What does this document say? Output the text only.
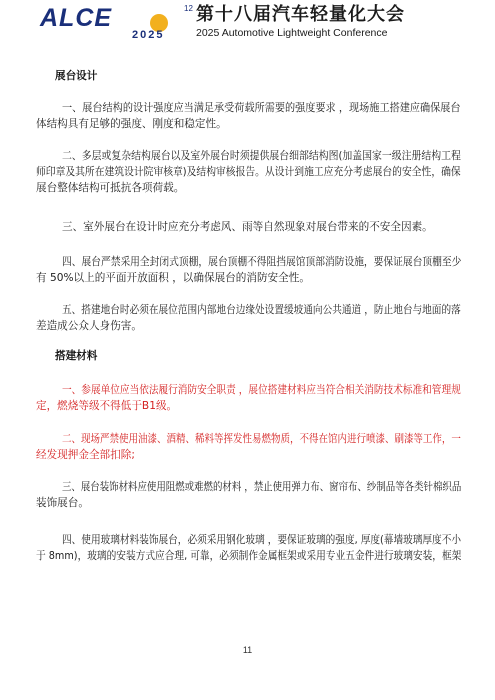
ALCE	12
2025
第十八届汽车轻量化大会
2025 Automotive Lightweight Conference
展台设计
一、展台结构的设计强度应当满足承受荷载所需要的强度要求 ，现场施工搭建应确保展台
体结构具有足够的强度、刚度和稳定性。
二、多层或复杂结构展台以及室外展台时须提供展台细部结构图(加盖国家一级注册结构工程
师印章及其所在建筑设计院审核章)及结构审核报告。从设计到施工应充分考虑展台的安全性，确保
展台整体结构可抵抗各项荷载。
三、室外展台在设计时应充分考虑风、雨等自然现象对展台带来的不安全因素。
四、展台严禁采用全封闭式顶棚，展台顶棚不得阻挡展馆顶部消防设施，要保证展台顶棚至少
有 50%以上的平面开放面积 ，以确保展台的消防安全性。
五、搭建地台时必须在展位范围内部地台边缘处设置缓坡通向公共通道 ，防止地台与地面的落
差造成公众人身伤害。
搭建材料
一、参展单位应当依法履行消防安全职责 ，展位搭建材料应当符合相关消防技术标准和管理规
定，燃烧等级不得低于B1级。
二、现场严禁使用油漆、酒精、稀料等挥发性易燃物质，不得在馆内进行喷漆、刷漆等工作，一
经发现押金全部扣除;
三、展台装饰材料应使用阻燃或难燃的材料 ，禁止使用弹力布、窗帘布、纱制品等各类针棉织品
装饰展台。
四、使用玻璃材料装饰展台，必须采用钢化玻璃 ，要保证玻璃的强度, 厚度(幕墙玻璃厚度不小
于 8mm)，玻璃的安装方式应合理, 可靠，必须制作金属框架或采用专业五金件进行玻璃安装，框架
11
